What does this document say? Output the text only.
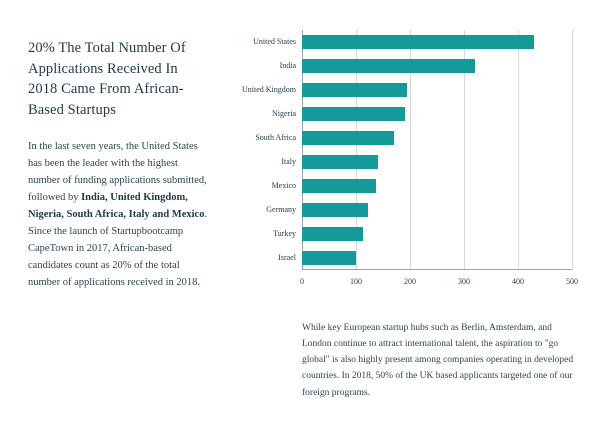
20% The Total Number Of Applications Received In 2018 Came From African-Based Startups

In the last seven years, the United States has been the leader with the highest number of funding applications submitted, followed by India, United Kingdom, Nigeria, South Africa, Italy and Mexico. Since the launch of Startupbootcamp CapeTown in 2017, African-based candidates count as 20% of the total number of applications received in 2018.

United States
India
United Kingdom
Nigeria
South Africa
Italy
Mexico
Germany
Turkey
Israel
0	100	200	300	400	500

While key European startup hubs such as Berlin, Amsterdam, and London continue to attract international talent, the aspiration to "go global" is also highly present among companies operating in developed countries. In 2018, 50% of the UK based applicants targeted one of our foreign programs.
